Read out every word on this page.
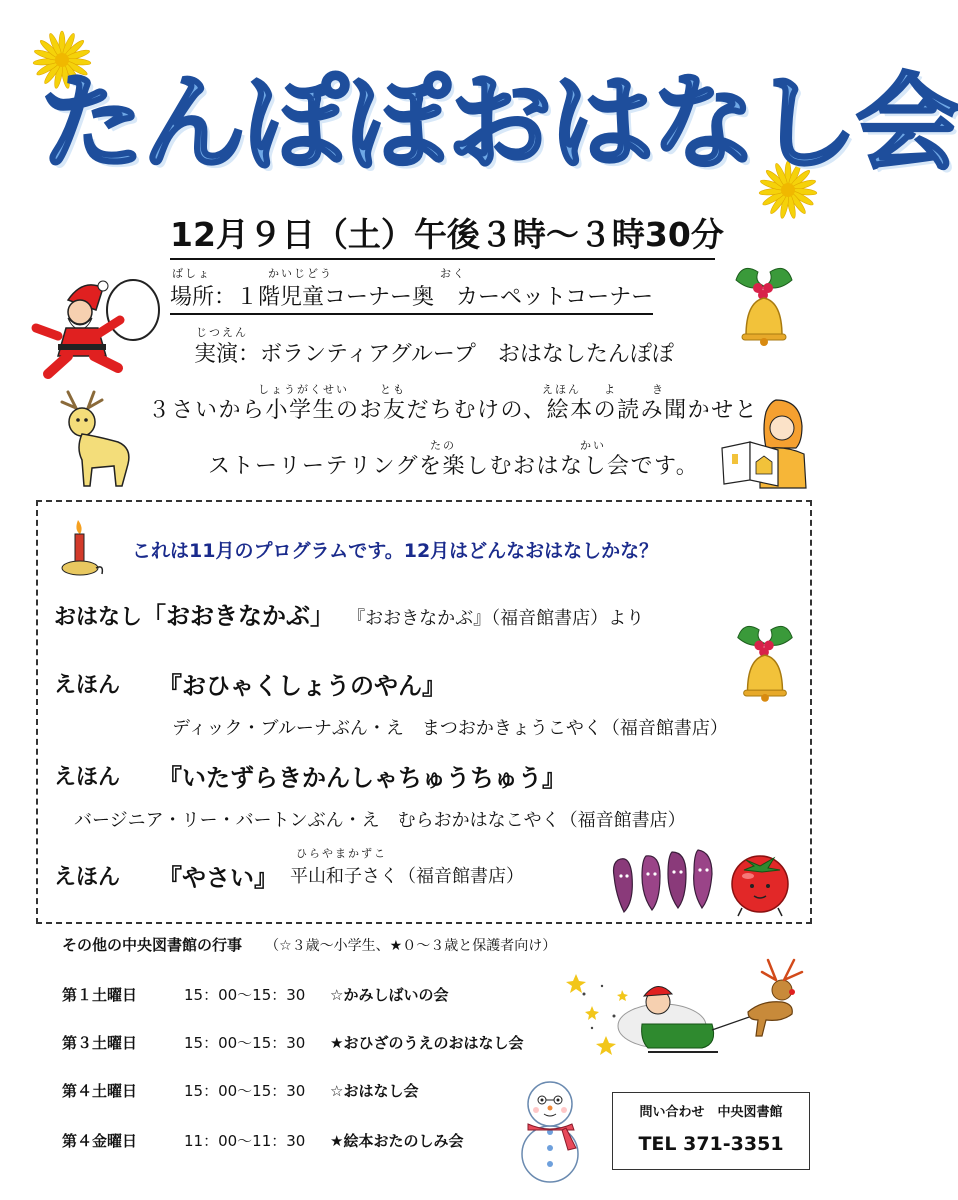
たんぽぽおはなし会
12月９日（土）午後３時～３時30分
ばしょ	かいじどう	おく
場所：１階児童コーナー奥　カーペットコーナー
じつえん
実演：ボランティアグループ　おはなしたんぽぽ
しょうがくせい	とも	えほん よ	き
３さいから小学生のお友だちむけの、絵本の読み聞かせと
たの	かい
ストーリーテリングを楽しむおはなし会です。
これは11月のプログラムです。12月はどんなおはなしかな？
おはなし「おおきなかぶ」 『おおきなかぶ』（福音館書店）より
えほん 『おひゃくしょうのやん』
ディック・ブルーナぶん・え　まつおかきょうこやく（福音館書店）
えほん 『いたずらきかんしゃちゅうちゅう』
バージニア・リー・バートンぶん・え　むらおかはなこやく（福音館書店）
えほん 『やさい』
ひらやまかずこ
平山和子さく（福音館書店）
その他の中央図書館の行事 （☆３歳～小学生、★０～３歳と保護者向け）
第１土曜日	15：00～15：30 ☆かみしばいの会
第３土曜日	15：00～15：30 ★おひざのうえのおはなし会
第４土曜日	15：00～15：30 ☆おはなし会
第４金曜日	11：00～11：30 ★絵本おたのしみ会
問い合わせ　中央図書館
TEL 371-3351
